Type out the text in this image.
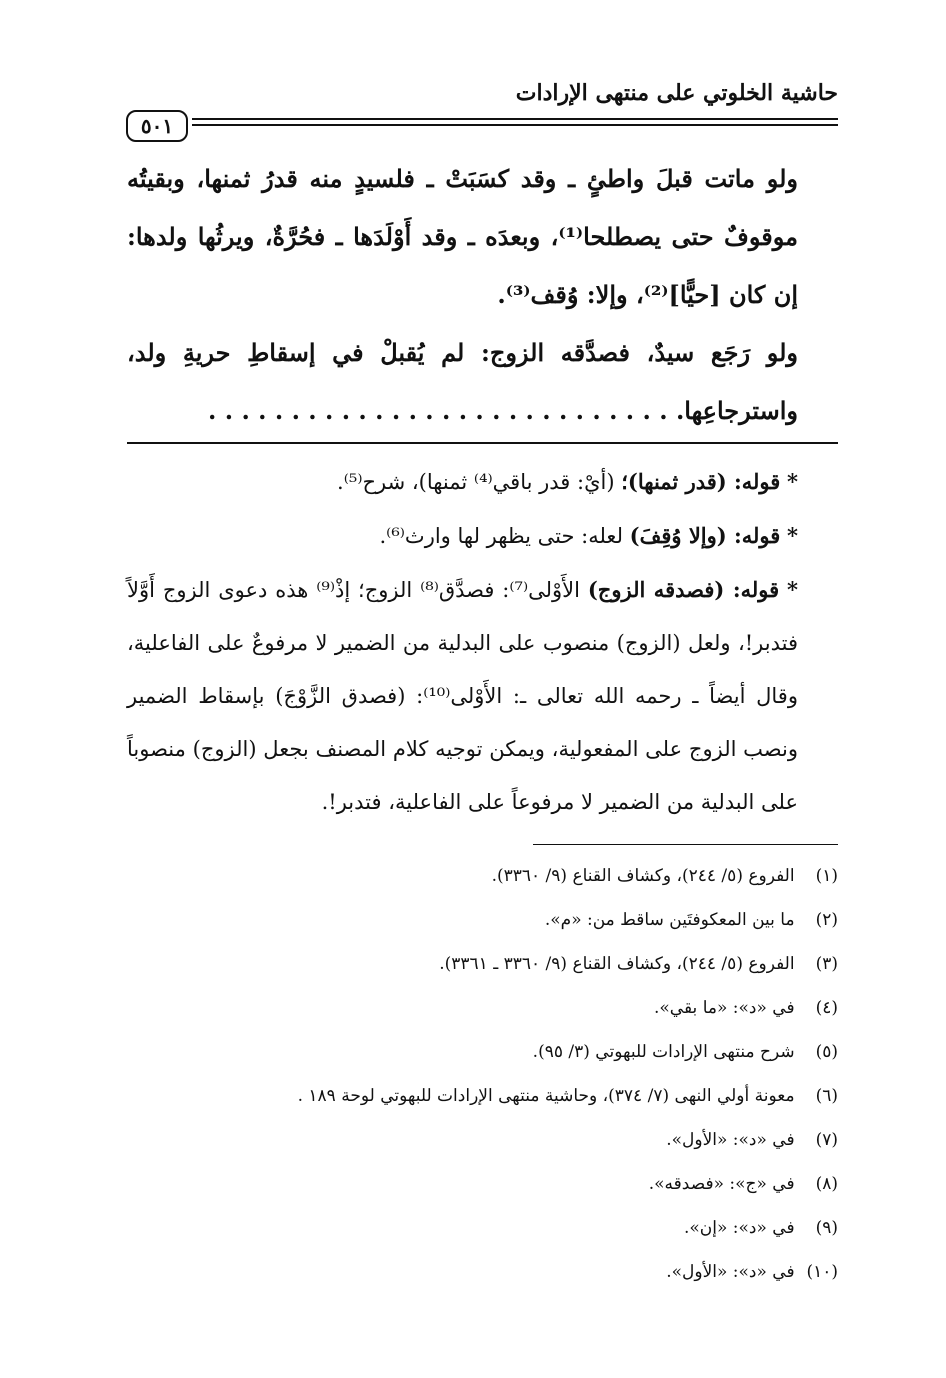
حاشية الخلوتي على منتهى الإرادات
٥٠١

ولو ماتت قبلَ واطئٍ ـ وقد كسَبَتْ ـ فلسيدٍ منه قدرُ ثمنها، وبقيتُه موقوفٌ حتى يصطلحا⁽¹⁾، وبعدَه ـ وقد أَوْلَدَها ـ فحُرَّةٌ، ويرثُها ولدها: إن كان [حيًّا]⁽²⁾، وإلا: وُقف⁽³⁾.

ولو رَجَع سيدٌ، فصدَّقه الزوج: لم يُقبلْ في إسقاطِ حريةِ ولد، واسترجاعِها. . . . . . . . . . . . . . . . . . . . . . . . . . . . .

* قوله: (قدر ثمنها)؛ (أيْ: قدر باقي⁽⁴⁾ ثمنها)، شرح⁽⁵⁾.

* قوله: (وإلا وُقِفَ) لعله: حتى يظهر لها وارث⁽⁶⁾.

* قوله: (فصدقه الزوج) الأَوْلى⁽⁷⁾: فصدَّق⁽⁸⁾ الزوج؛ إذْ⁽⁹⁾ هذه دعوى الزوج أَوَّلاً فتدبر!، ولعل (الزوج) منصوب على البدلية من الضمير لا مرفوعٌ على الفاعلية، وقال أيضاً ـ رحمه الله تعالى ـ: الأَوْلى⁽¹⁰⁾: (فصدق الزَّوْجَ) بإسقاط الضمير ونصب الزوج على المفعولية، ويمكن توجيه كلام المصنف بجعل (الزوج) منصوباً على البدلية من الضمير لا مرفوعاً على الفاعلية، فتدبر!.

(١) الفروع (٥/ ٢٤٤)، وكشاف القناع (٩/ ٣٣٦٠).
(٢) ما بين المعكوفتَين ساقط من: «م».
(٣) الفروع (٥/ ٢٤٤)، وكشاف القناع (٩/ ٣٣٦٠ ـ ٣٣٦١).
(٤) في «د»: «ما بقي».
(٥) شرح منتهى الإرادات للبهوتي (٣/ ٩٥).
(٦) معونة أولي النهى (٧/ ٣٧٤)، وحاشية منتهى الإرادات للبهوتي لوحة ١٨٩ .
(٧) في «د»: «الأول».
(٨) في «ج»: «فصدقه».
(٩) في «د»: «إن».
(١٠) في «د»: «الأول».
